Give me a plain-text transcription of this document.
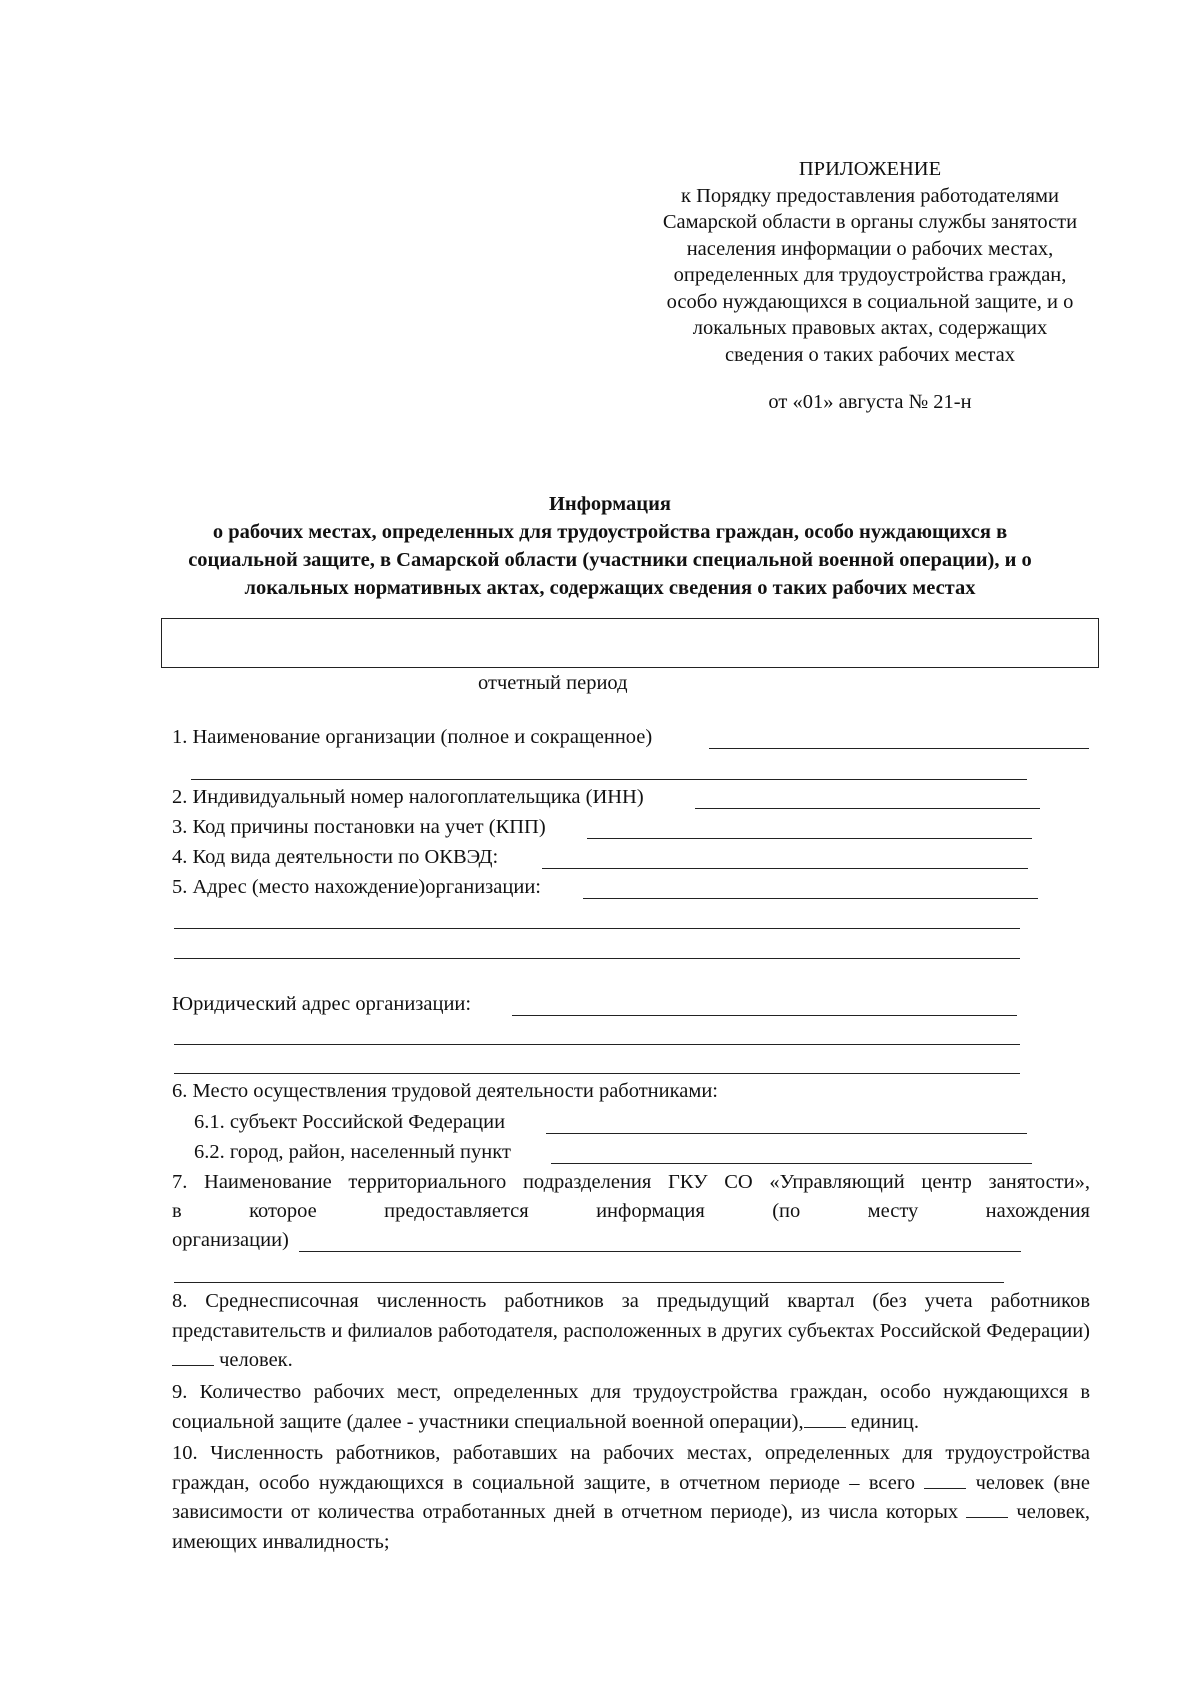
ПРИЛОЖЕНИЕ
к Порядку предоставления работодателями
Самарской области в органы службы занятости
населения информации о рабочих местах,
определенных для трудоустройства граждан,
особо нуждающихся в социальной защите, и о
локальных правовых актах, содержащих
сведения о таких рабочих местах
от «01» августа № 21-н
Информация
о рабочих местах, определенных для трудоустройства граждан, особо нуждающихся в
социальной защите, в Самарской области (участники специальной военной операции), и о
локальных нормативных актах, содержащих сведения о таких рабочих местах
отчетный период
1. Наименование организации (полное и сокращенное)
2. Индивидуальный номер налогоплательщика (ИНН)
3. Код причины постановки на учет (КПП)
4. Код вида деятельности по ОКВЭД:
5. Адрес (место нахождение)организации:
Юридический адрес организации:
6. Место осуществления трудовой деятельности работниками:
6.1. субъект Российской Федерации
6.2. город, район, населенный пункт
7. Наименование территориального подразделения ГКУ СО «Управляющий центр занятости»,
в которое предоставляется информация (по месту нахождения
организации)
8. Среднесписочная численность работников за предыдущий квартал (без учета работников представительств и филиалов работодателя, расположенных в других субъектах Российской Федерации)  человек.
9. Количество рабочих мест, определенных для трудоустройства граждан, особо нуждающихся в социальной защите (далее - участники специальной военной операции), единиц.
10. Численность работников, работавших на рабочих местах, определенных для трудоустройства граждан, особо нуждающихся в социальной защите, в отчетном периоде – всего	человек (вне зависимости от количества отработанных дней в отчетном периоде), из числа которых	человек, имеющих инвалидность;
